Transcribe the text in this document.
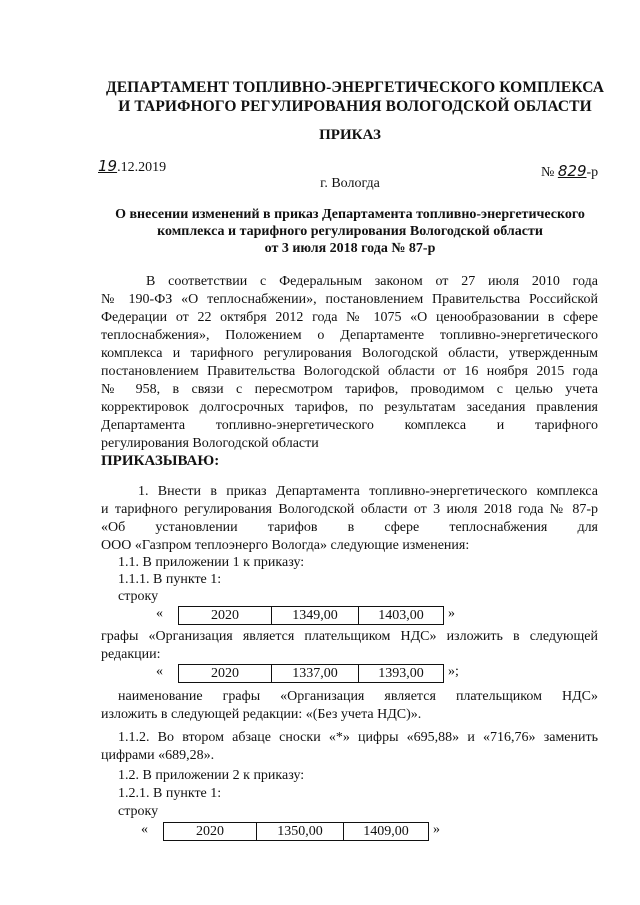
ДЕПАРТАМЕНТ ТОПЛИВНО-ЭНЕРГЕТИЧЕСКОГО КОМПЛЕКСА
И ТАРИФНОГО РЕГУЛИРОВАНИЯ ВОЛОГОДСКОЙ ОБЛАСТИ
ПРИКАЗ
19.12.2019	№ 829-р
г. Вологда
О внесении изменений в приказ Департамента топливно-энергетического
комплекса и тарифного регулирования Вологодской области
от 3 июля 2018 года № 87-р
В соответствии с Федеральным законом от 27 июля 2010 года
№ 190-ФЗ «О теплоснабжении», постановлением Правительства Российской
Федерации от 22 октября 2012 года № 1075 «О ценообразовании в сфере
теплоснабжения», Положением о Департаменте топливно-энергетического
комплекса и тарифного регулирования Вологодской области, утвержденным
постановлением Правительства Вологодской области от 16 ноября 2015 года
№ 958, в связи с пересмотром тарифов, проводимом с целью учета
корректировок долгосрочных тарифов, по результатам заседания правления
Департамента топливно-энергетического комплекса и тарифного
регулирования Вологодской области
ПРИКАЗЫВАЮ:
1. Внести в приказ Департамента топливно-энергетического комплекса
и тарифного регулирования Вологодской области от 3 июля 2018 года № 87-р
«Об установлении тарифов в сфере теплоснабжения для
ООО «Газпром теплоэнерго Вологда» следующие изменения:
1.1. В приложении 1 к приказу:
1.1.1. В пункте 1:
строку
«	2020	1349,00	1403,00	»
графы «Организация является плательщиком НДС» изложить в следующей
редакции:
«	2020	1337,00	1393,00	»;
наименование графы «Организация является плательщиком НДС»
изложить в следующей редакции: «(Без учета НДС)».
1.1.2. Во втором абзаце сноски «*» цифры «695,88» и «716,76» заменить
цифрами «689,28».
1.2. В приложении 2 к приказу:
1.2.1. В пункте 1:
строку
«	2020	1350,00	1409,00	»
